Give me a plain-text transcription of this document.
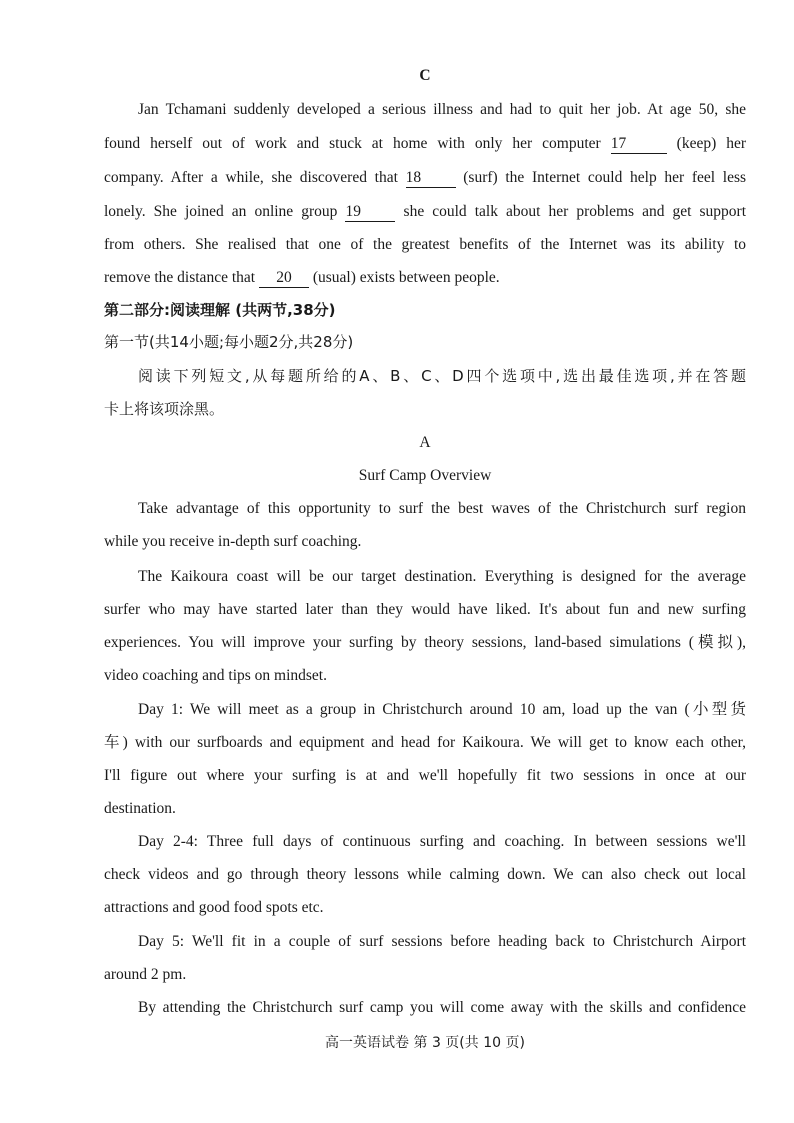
C
Jan Tchamani suddenly developed a serious illness and had to quit her job. At age 50, she
found herself out of work and stuck at home with only her computer 17	(keep) her
company. After a while, she discovered that 18	(surf) the Internet could help her feel less
lonely. She joined an online group 19	she could talk about her problems and get support
from others. She realised that one of the greatest benefits of the Internet was its ability to
remove the distance that 20 (usual) exists between people.
第二部分:阅读理解 (共两节,38分)
第一节(共14小题;每小题2分,共28分)
阅读下列短文,从每题所给的A、B、C、D四个选项中,选出最佳选项,并在答题
卡上将该项涂黑。
A
Surf Camp Overview
Take advantage of this opportunity to surf the best waves of the Christchurch surf region
while you receive in-depth surf coaching.
The Kaikoura coast will be our target destination. Everything is designed for the average
surfer who may have started later than they would have liked. It's about fun and new surfing
experiences. You will improve your surfing by theory sessions, land-based simulations (模拟),
video coaching and tips on mindset.
Day 1: We will meet as a group in Christchurch around 10 am, load up the van (小型货
车) with our surfboards and equipment and head for Kaikoura. We will get to know each other,
I'll figure out where your surfing is at and we'll hopefully fit two sessions in once at our
destination.
Day 2-4: Three full days of continuous surfing and coaching. In between sessions we'll
check videos and go through theory lessons while calming down. We can also check out local
attractions and good food spots etc.
Day 5: We'll fit in a couple of surf sessions before heading back to Christchurch Airport
around 2 pm.
By attending the Christchurch surf camp you will come away with the skills and confidence
高一英语试卷 第 3 页(共 10 页)
